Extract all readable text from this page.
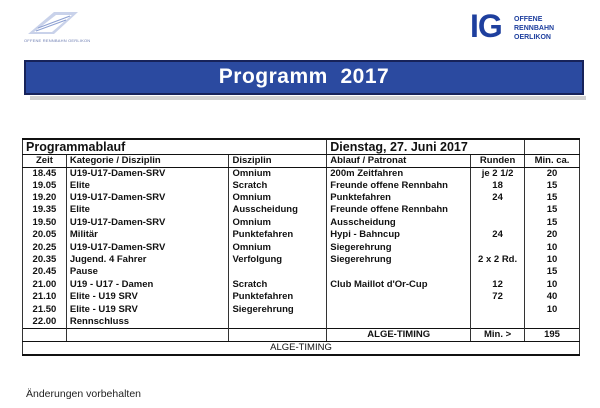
OFFENE RENNBAHN OERLIKON	IG OFFENE
RENNBAHN
OERLIKON
Programm  2017
Programmablauf			Dienstag, 27. Juni 2017		
Zeit	Kategorie / Disziplin	Disziplin	Ablauf / Patronat	Runden	Min. ca.
18.45	U19-U17-Damen-SRV	Omnium	200m Zeitfahren	je 2 1/2	20
19.05	Elite	Scratch	Freunde offene Rennbahn	18	15
19.20	U19-U17-Damen-SRV	Omnium	Punktefahren	24	15
19.35	Elite	Ausscheidung	Freunde offene Rennbahn		15
19.50	U19-U17-Damen-SRV	Omnium	Ausscheidung		15
20.05	Militär	Punktefahren	Hypi - Bahncup	24	20
20.25	U19-U17-Damen-SRV	Omnium	Siegerehrung		10
20.35	Jugend. 4 Fahrer	Verfolgung	Siegerehrung	2 x 2 Rd.	10
20.45	Pause				15
21.00	U19 - U17 - Damen	Scratch	Club Maillot d'Or-Cup	12	10
21.10	Elite - U19 SRV	Punktefahren		72	40
21.50	Elite - U19 SRV	Siegerehrung			10
22.00	Rennschluss				
			ALGE-TIMING	Min. >	195
ALGE-TIMING					
Änderungen vorbehalten
